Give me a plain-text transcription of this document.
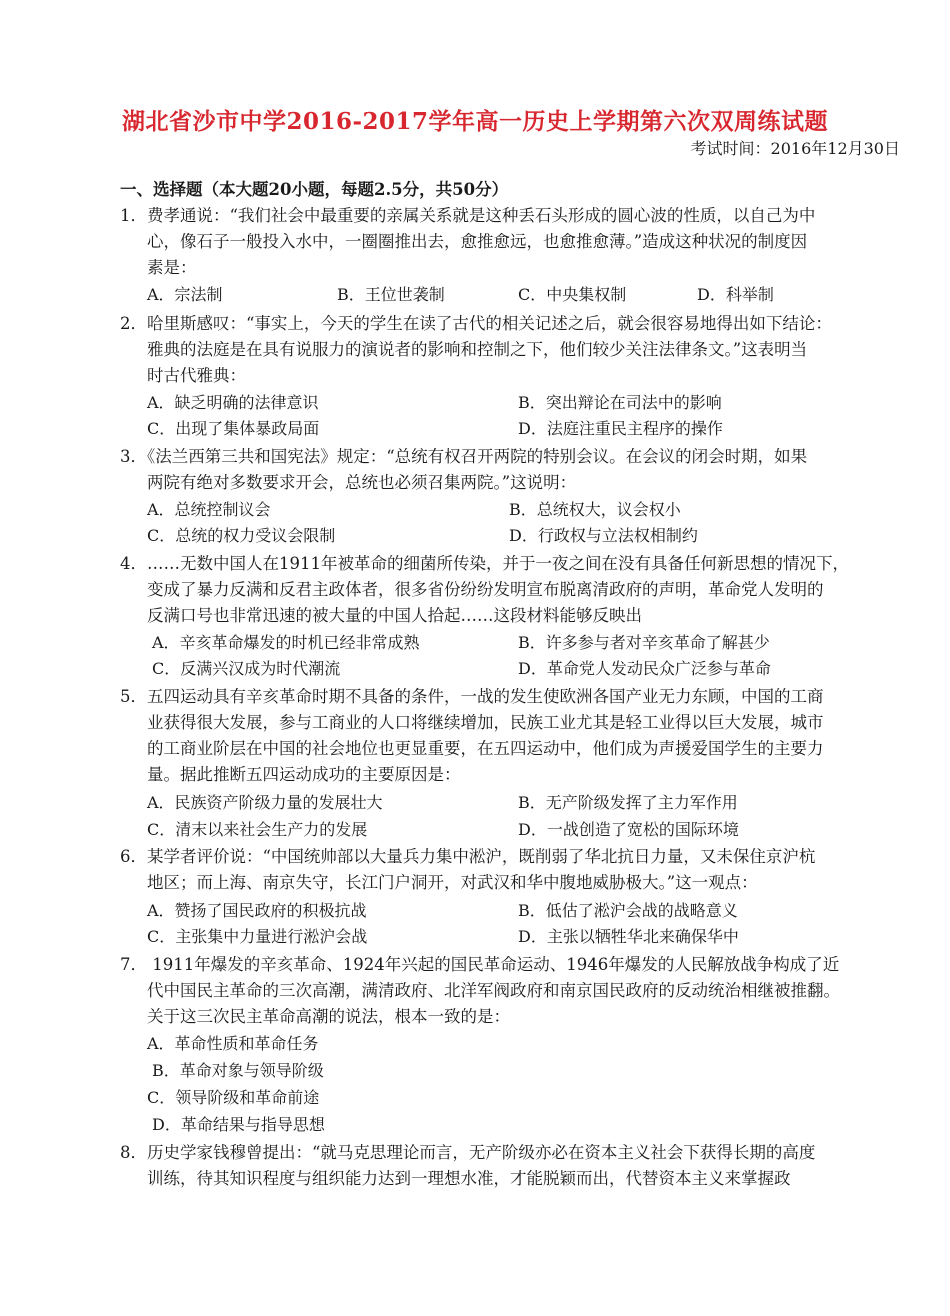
湖北省沙市中学2016-2017学年高一历史上学期第六次双周练试题

考试时间：2016年12月30日

一、选择题（本大题20小题，每题2.5分，共50分）

1．费孝通说：“我们社会中最重要的亲属关系就是这种丢石头形成的圆心波的性质，以自己为中

心，像石子一般投入水中，一圈圈推出去，愈推愈远，也愈推愈薄。”造成这种状况的制度因

素是：

A．宗法制	B．王位世袭制	C．中央集权制	D．科举制

2．哈里斯感叹：“事实上，今天的学生在读了古代的相关记述之后，就会很容易地得出如下结论：

雅典的法庭是在具有说服力的演说者的影响和控制之下，他们较少关注法律条文。”这表明当

时古代雅典：

A．缺乏明确的法律意识	B．突出辩论在司法中的影响
C．出现了集体暴政局面	D．法庭注重民主程序的操作

3．《法兰西第三共和国宪法》规定：“总统有权召开两院的特别会议。在会议的闭会时期，如果

两院有绝对多数要求开会，总统也必须召集两院。”这说明：

A．总统控制议会	B．总统权大，议会权小
C．总统的权力受议会限制	D．行政权与立法权相制约

4．……无数中国人在1911年被革命的细菌所传染，并于一夜之间在没有具备任何新思想的情况下，

变成了暴力反满和反君主政体者，很多省份纷纷发明宣布脱离清政府的声明，革命党人发明的

反满口号也非常迅速的被大量的中国人拾起……这段材料能够反映出

A．辛亥革命爆发的时机已经非常成熟	B．许多参与者对辛亥革命了解甚少
C．反满兴汉成为时代潮流	D．革命党人发动民众广泛参与革命

5．五四运动具有辛亥革命时期不具备的条件，一战的发生使欧洲各国产业无力东顾，中国的工商

业获得很大发展，参与工商业的人口将继续增加，民族工业尤其是轻工业得以巨大发展，城市

的工商业阶层在中国的社会地位也更显重要，在五四运动中，他们成为声援爱国学生的主要力

量。据此推断五四运动成功的主要原因是：

A．民族资产阶级力量的发展壮大	B．无产阶级发挥了主力军作用
C．清末以来社会生产力的发展	D．一战创造了宽松的国际环境

6．某学者评价说：“中国统帅部以大量兵力集中淞沪，既削弱了华北抗日力量，又未保住京沪杭

地区；而上海、南京失守，长江门户洞开，对武汉和华中腹地威胁极大。”这一观点：

A．赞扬了国民政府的积极抗战	B．低估了淞沪会战的战略意义
C．主张集中力量进行淞沪会战	D．主张以牺牲华北来确保华中

7． 1911年爆发的辛亥革命、1924年兴起的国民革命运动、1946年爆发的人民解放战争构成了近

代中国民主革命的三次高潮，满清政府、北洋军阀政府和南京国民政府的反动统治相继被推翻。

关于这三次民主革命高潮的说法，根本一致的是：

A．革命性质和革命任务
B．革命对象与领导阶级
C．领导阶级和革命前途
D．革命结果与指导思想

8．历史学家钱穆曾提出：“就马克思理论而言，无产阶级亦必在资本主义社会下获得长期的高度

训练，待其知识程度与组织能力达到一理想水准，才能脱颖而出，代替资本主义来掌握政
